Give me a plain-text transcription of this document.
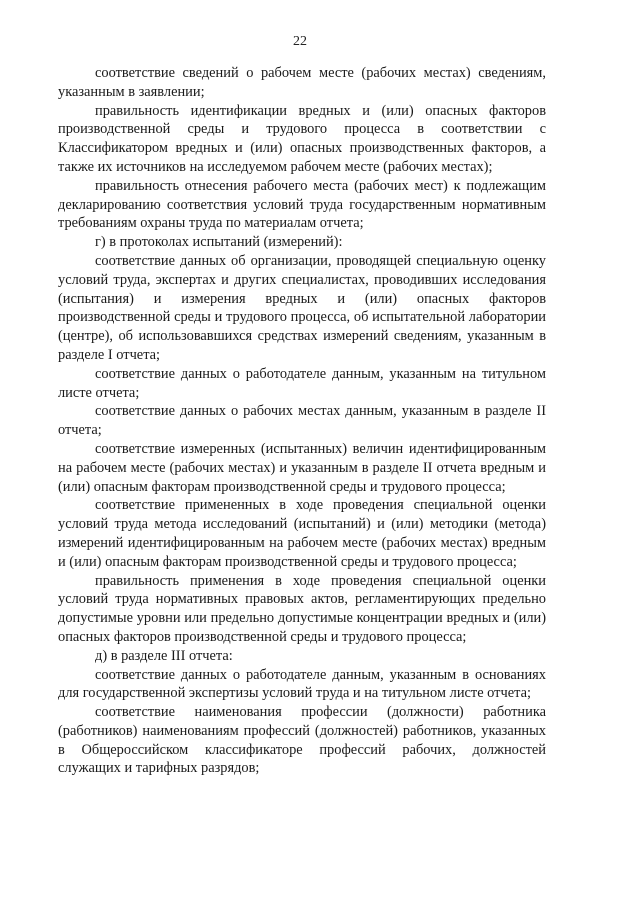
22

соответствие сведений о рабочем месте (рабочих местах) сведениям, указанным в заявлении;

правильность идентификации вредных и (или) опасных факторов производственной среды и трудового процесса в соответствии с Классификатором вредных и (или) опасных производственных факторов, а также их источников на исследуемом рабочем месте (рабочих местах);

правильность отнесения рабочего места (рабочих мест) к подлежащим декларированию соответствия условий труда государственным нормативным требованиям охраны труда по материалам отчета;

г) в протоколах испытаний (измерений):

соответствие данных об организации, проводящей специальную оценку условий труда, экспертах и других специалистах, проводивших исследования (испытания) и измерения вредных и (или) опасных факторов производственной среды и трудового процесса, об испытательной лаборатории (центре), об использовавшихся средствах измерений сведениям, указанным в разделе I отчета;

соответствие данных о работодателе данным, указанным на титульном листе отчета;

соответствие данных о рабочих местах данным, указанным в разделе II отчета;

соответствие измеренных (испытанных) величин идентифицированным на рабочем месте (рабочих местах) и указанным в разделе II отчета вредным и (или) опасным факторам производственной среды и трудового процесса;

соответствие примененных в ходе проведения специальной оценки условий труда метода исследований (испытаний) и (или) методики (метода) измерений идентифицированным на рабочем месте (рабочих местах) вредным и (или) опасным факторам производственной среды и трудового процесса;

правильность применения в ходе проведения специальной оценки условий труда нормативных правовых актов, регламентирующих предельно допустимые уровни или предельно допустимые концентрации вредных и (или) опасных факторов производственной среды и трудового процесса;

д) в разделе III отчета:

соответствие данных о работодателе данным, указанным в основаниях для государственной экспертизы условий труда и на титульном листе отчета;

соответствие наименования профессии (должности) работника (работников) наименованиям профессий (должностей) работников, указанных в Общероссийском классификаторе профессий рабочих, должностей служащих и тарифных разрядов;
